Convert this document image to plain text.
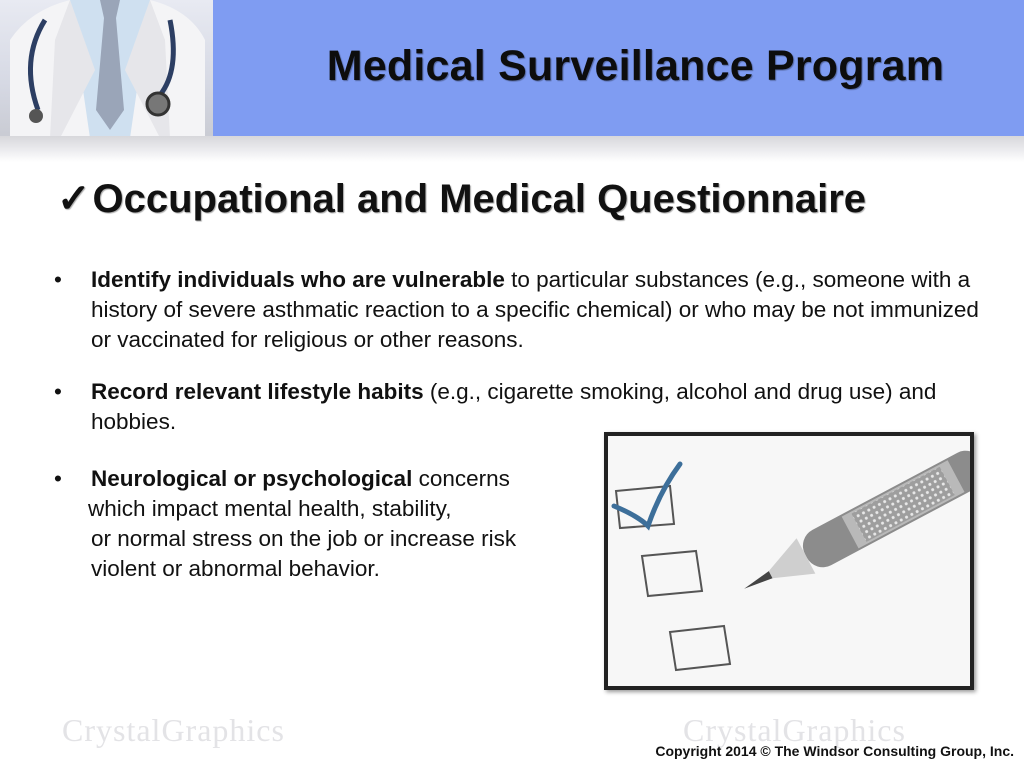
Medical Surveillance Program
✓Occupational and Medical Questionnaire
• Identify individuals who are vulnerable to particular substances (e.g., someone with a history of severe asthmatic reaction to a specific chemical) or who may be not immunized or vaccinated for religious or other reasons.
• Record relevant lifestyle habits (e.g., cigarette smoking, alcohol and drug use) and hobbies.
• Neurological or psychological concerns
which impact mental health, stability,
or normal stress on the job or increase risk
violent or abnormal behavior.
CrystalGraphics	CrystalGraphics
Copyright 2014 © The Windsor Consulting Group, Inc.
